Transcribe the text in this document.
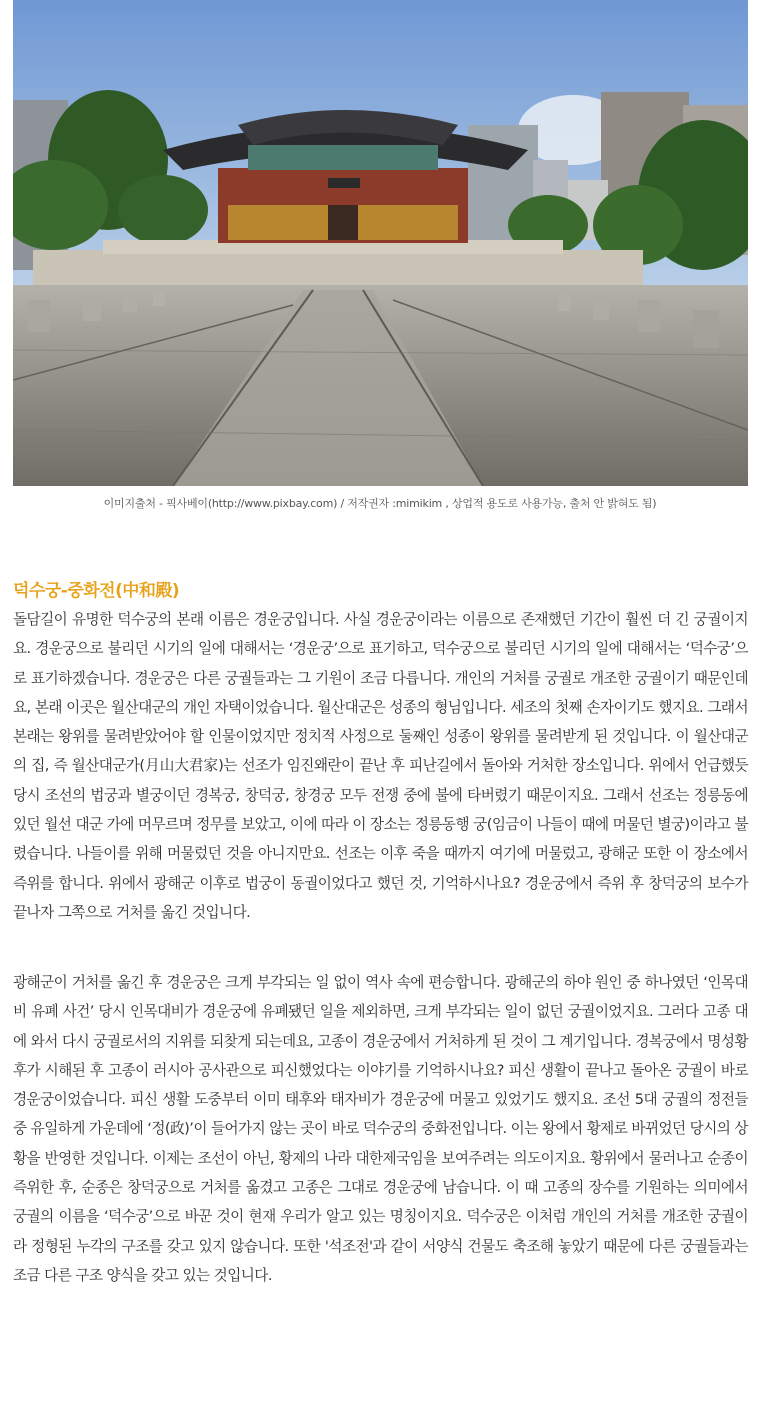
이미지출처 - 픽사베이(http://www.pixbay.com) / 저작권자 :mimikim , 상업적 용도로 사용가능, 출처 안 밝혀도 됨)
덕수궁-중화전(中和殿)

돌담길이 유명한 덕수궁의 본래 이름은 경운궁입니다. 사실 경운궁이라는 이름으로 존재했던 기간이 훨씬 더 긴 궁궐이지요. 경운궁으로 불리던 시기의 일에 대해서는 ‘경운궁’으로 표기하고, 덕수궁으로 불리던 시기의 일에 대해서는 ‘덕수궁’으로 표기하겠습니다. 경운궁은 다른 궁궐들과는 그 기원이 조금 다릅니다. 개인의 거처를 궁궐로 개조한 궁궐이기 때문인데요, 본래 이곳은 월산대군의 개인 자택이었습니다. 월산대군은 성종의 형님입니다. 세조의 첫째 손자이기도 했지요. 그래서 본래는 왕위를 물려받았어야 할 인물이었지만 정치적 사정으로 둘째인 성종이 왕위를 물려받게 된 것입니다. 이 월산대군의 집, 즉 월산대군가(月山大君家)는 선조가 임진왜란이 끝난 후 피난길에서 돌아와 거처한 장소입니다. 위에서 언급했듯 당시 조선의 법궁과 별궁이던 경복궁, 창덕궁, 창경궁 모두 전쟁 중에 불에 타버렸기 때문이지요. 그래서 선조는 정릉동에 있던 월선 대군 가에 머무르며 정무를 보았고, 이에 따라 이 장소는 정릉동행 궁(임금이 나들이 때에 머물던 별궁)이라고 불렸습니다. 나들이를 위해 머물렀던 것을 아니지만요. 선조는 이후 죽을 때까지 여기에 머물렀고, 광해군 또한 이 장소에서 즉위를 합니다. 위에서 광해군 이후로 법궁이 동궐이었다고 했던 것, 기억하시나요? 경운궁에서 즉위 후 창덕궁의 보수가 끝나자 그쪽으로 거처를 옮긴 것입니다.

광해군이 거처를 옮긴 후 경운궁은 크게 부각되는 일 없이 역사 속에 편승합니다. 광해군의 하야 원인 중 하나였던 ‘인목대비 유폐 사건’ 당시 인목대비가 경운궁에 유폐됐던 일을 제외하면, 크게 부각되는 일이 없던 궁궐이었지요. 그러다 고종 대에 와서 다시 궁궐로서의 지위를 되찾게 되는데요, 고종이 경운궁에서 거처하게 된 것이 그 계기입니다. 경복궁에서 명성황후가 시해된 후 고종이 러시아 공사관으로 피신했었다는 이야기를 기억하시나요? 피신 생활이 끝나고 돌아온 궁궐이 바로 경운궁이었습니다. 피신 생활 도중부터 이미 태후와 태자비가 경운궁에 머물고 있었기도 했지요. 조선 5대 궁궐의 정전들 중 유일하게 가운데에 ‘정(政)’이 들어가지 않는 곳이 바로 덕수궁의 중화전입니다. 이는 왕에서 황제로 바뀌었던 당시의 상황을 반영한 것입니다. 이제는 조선이 아닌, 황제의 나라 대한제국임을 보여주려는 의도이지요. 황위에서 물러나고 순종이 즉위한 후, 순종은 창덕궁으로 거처를 옮겼고 고종은 그대로 경운궁에 남습니다. 이 때 고종의 장수를 기원하는 의미에서 궁궐의 이름을 ‘덕수궁’으로 바꾼 것이 현재 우리가 알고 있는 명칭이지요. 덕수궁은 이처럼 개인의 거처를 개조한 궁궐이라 정형된 누각의 구조를 갖고 있지 않습니다. 또한 '석조전'과 같이 서양식 건물도 축조해 놓았기 때문에 다른 궁궐들과는 조금 다른 구조 양식을 갖고 있는 것입니다.
